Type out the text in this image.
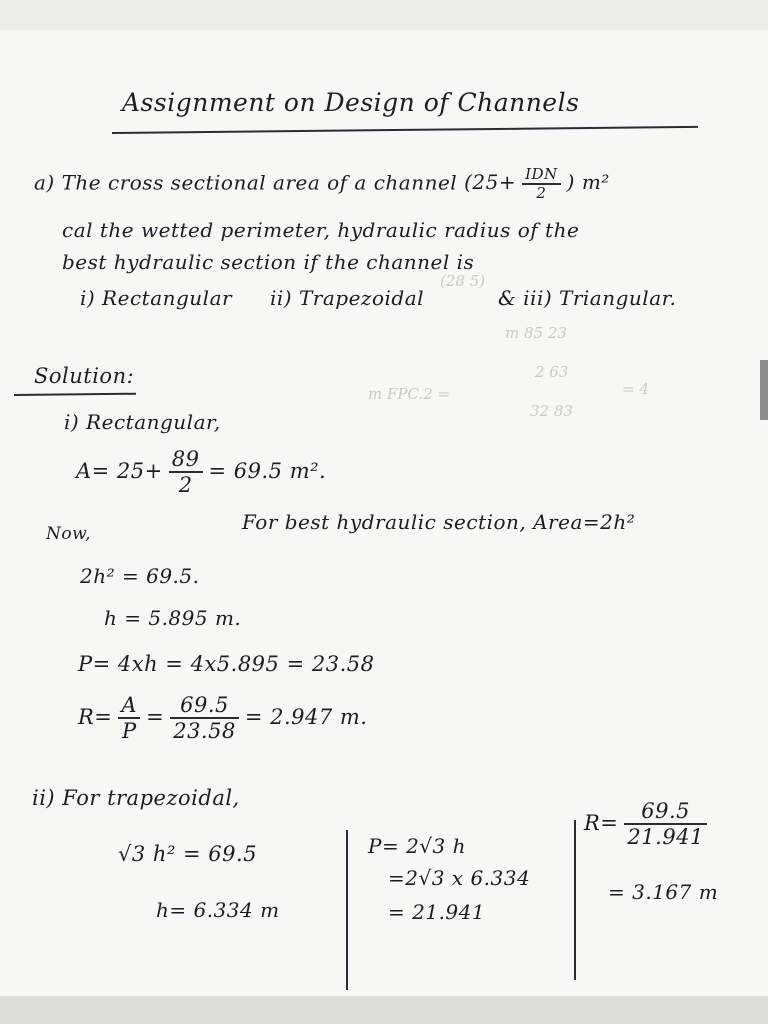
(28 5)
m 85 23
m FPC.2 =
2 63
32 83
= 4
Assignment on Design of Channels
a) The cross sectional area of a channel ($25+ \frac{\text{IDN}}{2}$ ) m²
cal the wetted perimeter, hydraulic radius of the
best hydraulic section if the channel is
i) Rectangular ii) Trapezoidal	& iii) Triangular.
Solution:
i) Rectangular,
$A= 25+ \frac{89}{2} = 69.5$ m².
Now,	For best hydraulic section, Area=2h²
2h² = 69.5.
h = 5.895 m.
P= 4xh = 4x5.895 = 23.58
$R= \frac{A}{P} = \frac{69.5}{23.58} = 2.947$ m.
ii) For trapezoidal,
√3 h² = 69.5
h= 6.334 m
P= 2√3 h
=2√3 x 6.334
= 21.941
$R= \frac{69.5}{21.941}$
= 3.167 m
